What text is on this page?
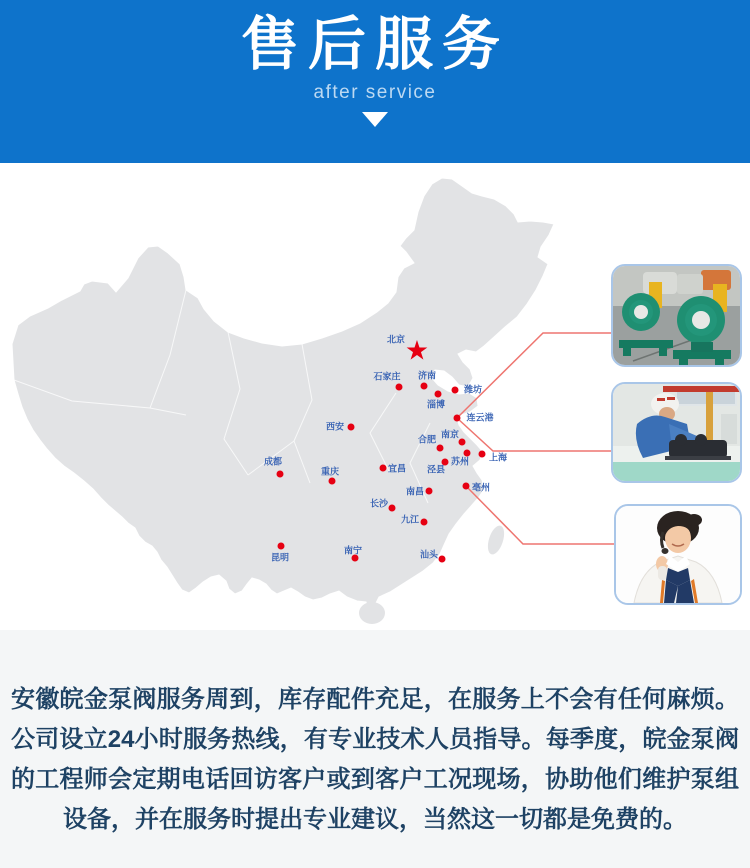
售后服务
after service
★
北京
石家庄 济南
淄博
潍坊
连云港
西安
南京
合肥
苏州 上海
泾县
宜昌
亳州
成都
重庆
南昌
长沙
九江
昆明
南宁	汕头
安徽皖金泵阀服务周到，库存配件充足，在服务上不会有任何麻烦。
公司设立24小时服务热线，有专业技术人员指导。每季度，皖金泵阀
的工程师会定期电话回访客户或到客户工况现场，协助他们维护泵组
设备，并在服务时提出专业建议，当然这一切都是免费的。
